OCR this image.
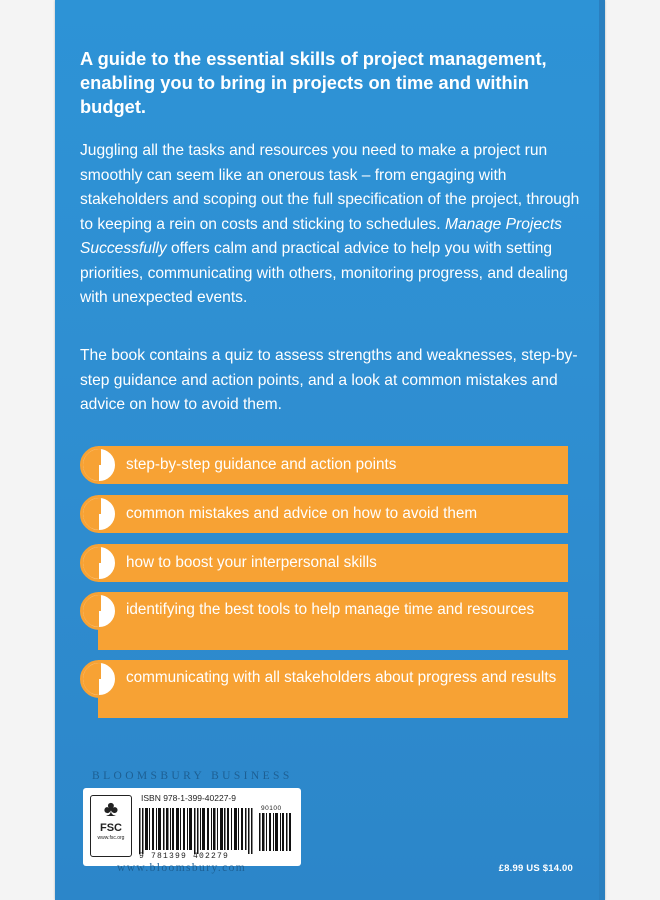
A guide to the essential skills of project management, enabling you to bring in projects on time and within budget.

Juggling all the tasks and resources you need to make a project run smoothly can seem like an onerous task – from engaging with stakeholders and scoping out the full specification of the project, through to keeping a rein on costs and sticking to schedules. Manage Projects Successfully offers calm and practical advice to help you with setting priorities, communicating with others, monitoring progress, and dealing with unexpected events.

The book contains a quiz to assess strengths and weaknesses, step-by-step guidance and action points, and a look at common mistakes and advice on how to avoid them.

step-by-step guidance and action points
common mistakes and advice on how to avoid them
how to boost your interpersonal skills
identifying the best tools to help manage time and resources
communicating with all stakeholders about progress and results
BLOOMSBURY BUSINESS
♣
FSC
www.fsc.org
ISBN 978-1-399-40227-9
90100
9 781399 402279
www.bloomsbury.com	£8.99 US $14.00
